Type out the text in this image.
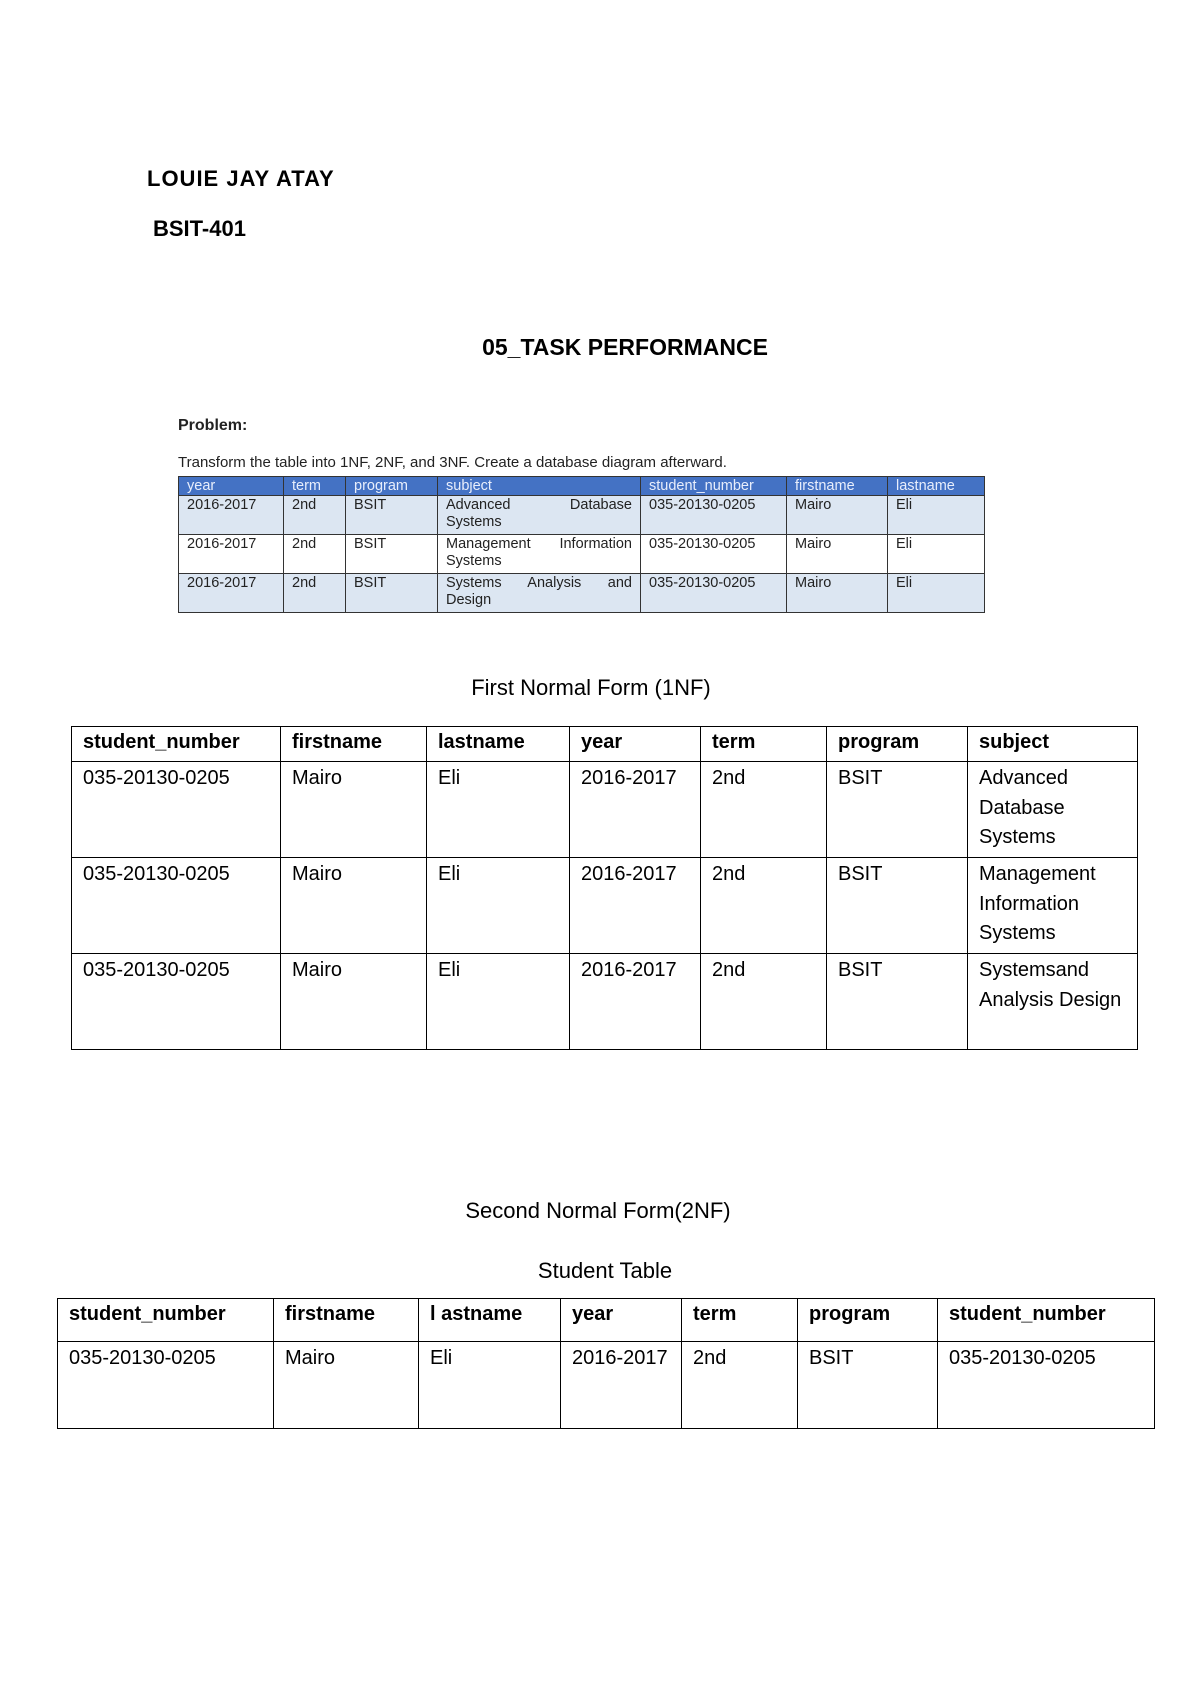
LOUIE JAY ATAY
BSIT-401
05_TASK PERFORMANCE
Problem:
Transform the table into 1NF, 2NF, and 3NF. Create a database diagram afterward.
year	term	program	subject	student_number	firstname	lastname
2016-2017	2nd	BSIT	Advanced Database Systems	035-20130-0205	Mairo	Eli
2016-2017	2nd	BSIT	Management Information Systems	035-20130-0205	Mairo	Eli
2016-2017	2nd	BSIT	Systems Analysis and Design	035-20130-0205	Mairo	Eli
First Normal Form (1NF)
student_number	firstname	lastname	year	term	program	subject
035-20130-0205	Mairo	Eli	2016-2017	2nd	BSIT	Advanced Database Systems
035-20130-0205	Mairo	Eli	2016-2017	2nd	BSIT	Management Information Systems
035-20130-0205	Mairo	Eli	2016-2017	2nd	BSIT	Systemsand Analysis Design
Second Normal Form(2NF)
Student Table
student_number	firstname	l astname	year	term	program	student_number
035-20130-0205	Mairo	Eli	2016-2017	2nd	BSIT	035-20130-0205
